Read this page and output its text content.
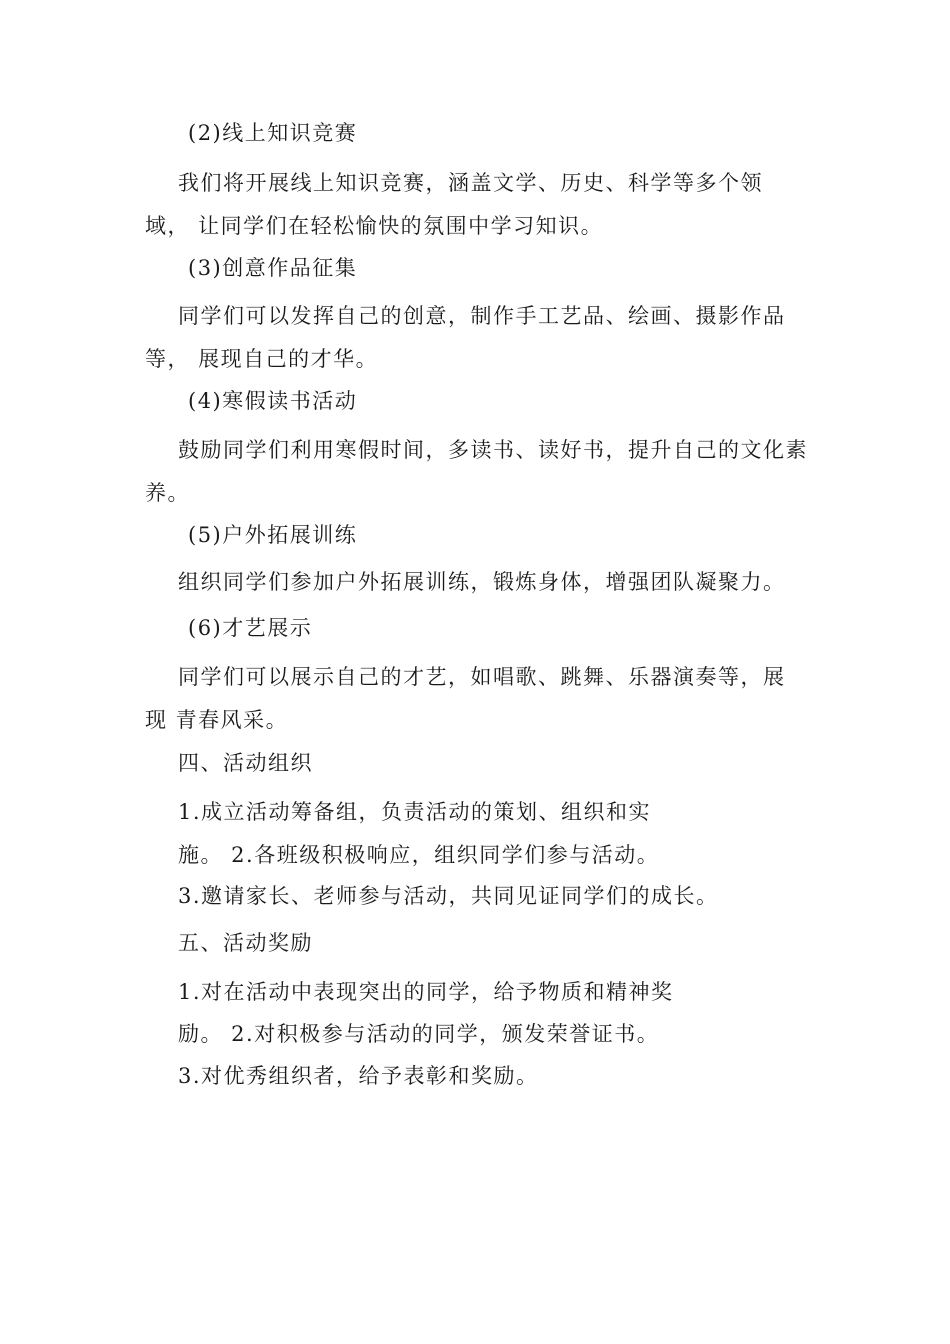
(2)线上知识竞赛
我们将开展线上知识竞赛，涵盖文学、历史、科学等多个领
域， 让同学们在轻松愉快的氛围中学习知识。
(3)创意作品征集
同学们可以发挥自己的创意，制作手工艺品、绘画、摄影作品
等， 展现自己的才华。
(4)寒假读书活动
鼓励同学们利用寒假时间，多读书、读好书，提升自己的文化素
养。
(5)户外拓展训练
组织同学们参加户外拓展训练，锻炼身体，增强团队凝聚力。
(6)才艺展示
同学们可以展示自己的才艺，如唱歌、跳舞、乐器演奏等，展
现 青春风采。
四、活动组织
1.成立活动筹备组，负责活动的策划、组织和实
施。 2.各班级积极响应，组织同学们参与活动。
3.邀请家长、老师参与活动，共同见证同学们的成长。
五、活动奖励
1.对在活动中表现突出的同学，给予物质和精神奖
励。 2.对积极参与活动的同学，颁发荣誉证书。
3.对优秀组织者，给予表彰和奖励。
